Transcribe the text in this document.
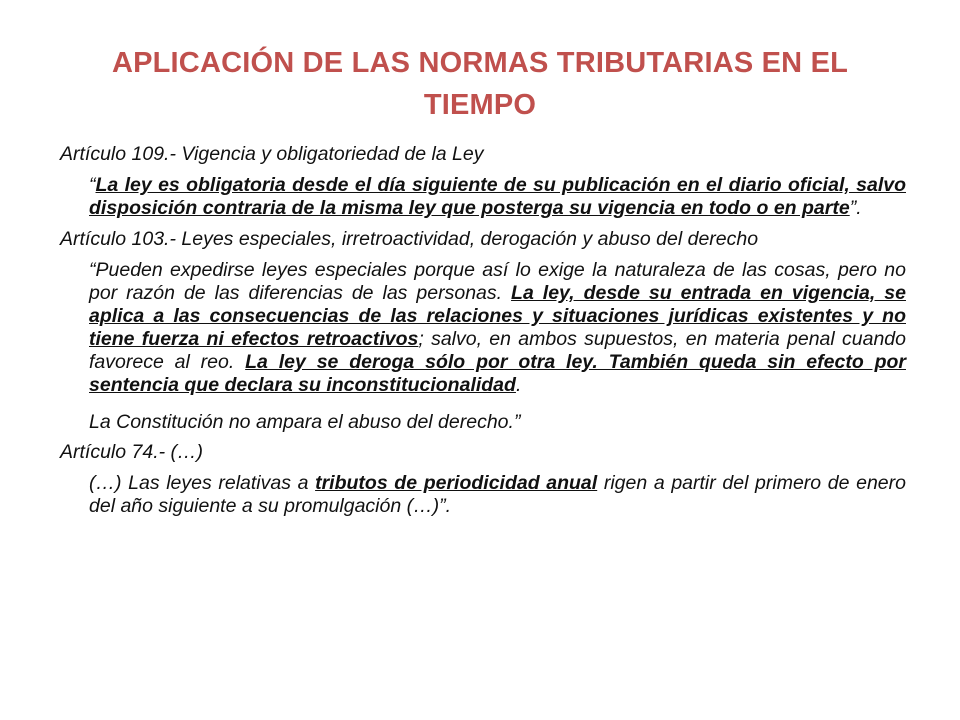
APLICACIÓN DE LAS NORMAS TRIBUTARIAS EN EL TIEMPO

Artículo 109.- Vigencia y obligatoriedad de la Ley

“La ley es obligatoria desde el día siguiente de su publicación en el diario oficial, salvo disposición contraria de la misma ley que posterga su vigencia en todo o en parte”.

Artículo 103.- Leyes especiales, irretroactividad, derogación y abuso del derecho

“Pueden expedirse leyes especiales porque así lo exige la naturaleza de las cosas, pero no por razón de las diferencias de las personas. La ley, desde su entrada en vigencia, se aplica a las consecuencias de las relaciones y situaciones jurídicas existentes y no tiene fuerza ni efectos retroactivos; salvo, en ambos supuestos, en materia penal cuando favorece al reo. La ley se deroga sólo por otra ley. También queda sin efecto por sentencia que declara su inconstitucionalidad.
La Constitución no ampara el abuso del derecho.”

Artículo 74.- (…)

(…) Las leyes relativas a tributos de periodicidad anual rigen a partir del primero de enero del año siguiente a su promulgación (…)”.
